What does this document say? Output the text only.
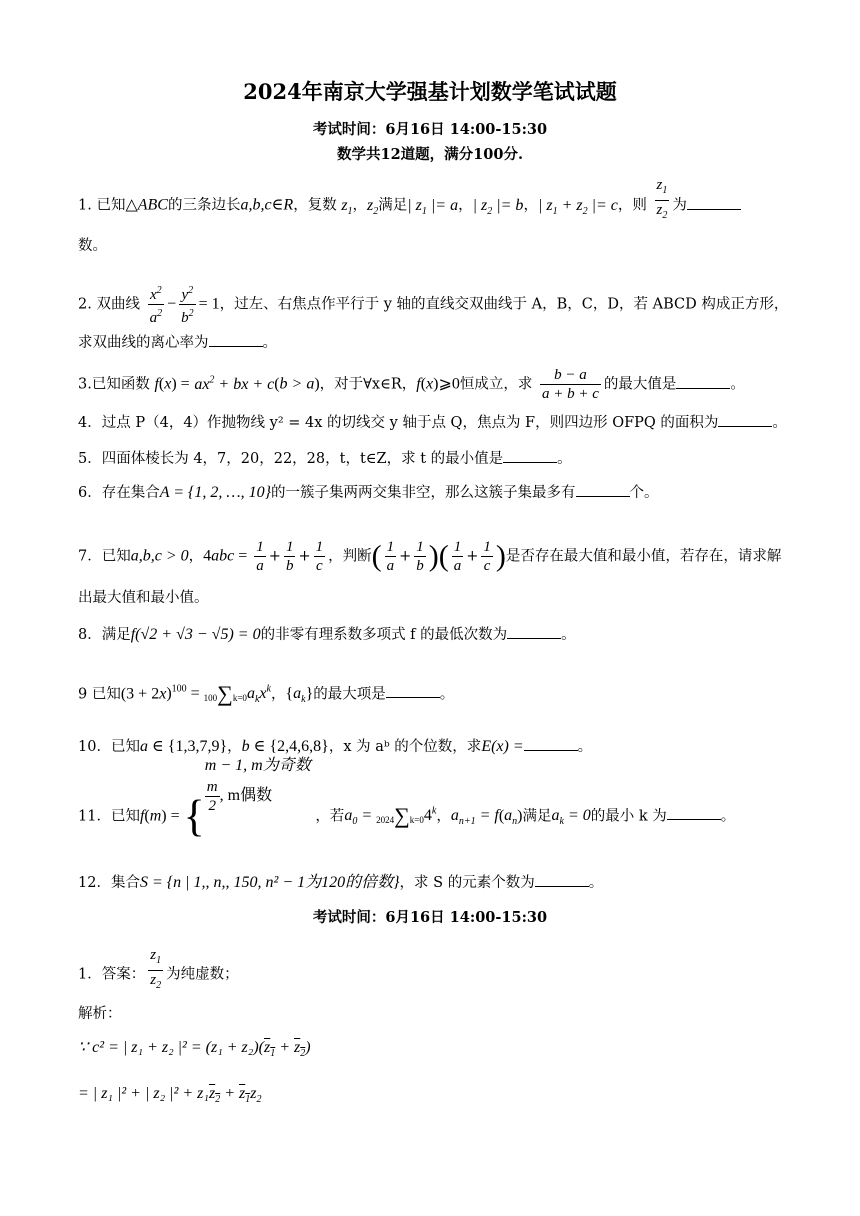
2024年南京大学强基计划数学笔试试题
考试时间：6月16日 14:00-15:30
数学共12道题，满分100分.
1. 已知△ABC的三条边长a,b,c∈R，复数 $z_1$，$z_2$满足| $z_1$ |= a，| $z_2$ |= b，| $z_1 + z_2$ |= c，则 $\frac{z_1}{z_2}$ 为
数。
2. 双曲线 $\frac{x^2}{a^2} - \frac{y^2}{b^2} = 1$，过左、右焦点作平行于 y 轴的直线交双曲线于 A，B，C，D，若 ABCD 构成正方形，
求双曲线的离心率为	。
3.已知函数 $f(x) = ax^2$ + bx + c(b > a)，对于∀x∈R，f(x)⩾0恒成立，求 $\frac{b - a}{a + b + c}$ 的最大值是	。
4．过点 P（4，4）作抛物线 y² = 4x 的切线交 y 轴于点 Q，焦点为 F，则四边形 OFPQ 的面积为	。
5．四面体棱长为 4，7，20，22，28，t，t∈Z，求 t 的最小值是	。
6．存在集合A = {1, 2, …, 10}的一簇子集两两交集非空，那么这簇子集最多有	个。
7．已知a,b,c > 0，$4abc = \frac{1}{a} + \frac{1}{b} + \frac{1}{c}$ ，判断( $\frac{1}{a} + \frac{1}{b}$ )( $\frac{1}{a} + \frac{1}{c}$ )是否存在最大值和最小值，若存在，请求解
出最大值和最小值。
8．满足f(√2 + √3 − √5) = 0的非零有理系数多项式 f 的最低次数为	。
9 已知$(3 + 2x)^{100} = 100\sum k=0a_kx^k$，$\{a_k\}$的最大项是	。
10．已知a ∈ {1,3,7,9}，b ∈ {2,4,6,8}，x 为 aᵇ 的个位数，求E(x) =	。
11．已知f(m) = {
m − 1, m为奇数
$\frac{m}{2}$ , m偶数
，若$a_0 = 2024\sum k=04^k$，$a_{n+1} = f(a_n)$满足$a_k = 0$的最小 k 为	。
12．集合S = {n | 1,, n,, 150, n² − 1为120的倍数}，求 S 的元素个数为	。
考试时间：6月16日 14:00-15:30
1．答案： $\frac{z_1}{z_2}$ 为纯虚数；
解析：
∵ c² = | z₁ + z₂ $|^2 = (z_1 + z_2)(z_1 + z_2)$
= | z₁ |² + | z₂ $|^2 + z_1z_2 + z_1z_2$
